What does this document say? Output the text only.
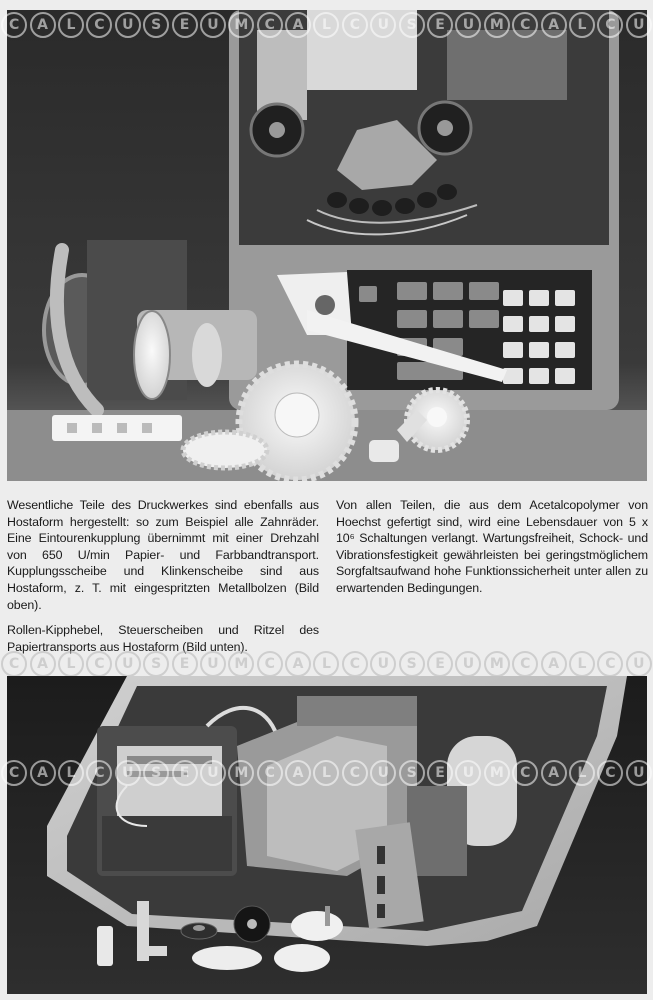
C	A	L	C	U	S	E	U	M	C	A	L	C	U	S	E	U	M	C	A	L	C	U

Wesentliche Teile des Druckwerkes sind ebenfalls aus Hostaform hergestellt: so zum Beispiel alle Zahnräder. Eine Eintourenkupplung übernimmt mit einer Drehzahl von 650 U/min Papier- und Farbbandtransport. Kupplungsscheibe und Klinkenscheibe sind aus Hostaform, z. T. mit eingespritzten Metallbolzen (Bild oben).

Rollen-Kipphebel, Steuerscheiben und Ritzel des Papiertransports aus Hostaform (Bild unten).

Von allen Teilen, die aus dem Acetalcopolymer von Hoechst gefertigt sind, wird eine Lebensdauer von 5 x 10⁶ Schaltungen verlangt. Wartungsfreiheit, Schock- und Vibrationsfestigkeit gewährleisten bei geringstmöglichem Sorgfaltsaufwand hohe Funktionssicherheit unter allen zu erwartenden Bedingungen.

C	A	L	C	U	S	E	U	M	C	A	L	C	U	S	E	U	M	C	A	L	C	U
C	A	L	C	U	S	E	U	M	C	A	L	C	U	S	E	U	M	C	A	L	C	U
